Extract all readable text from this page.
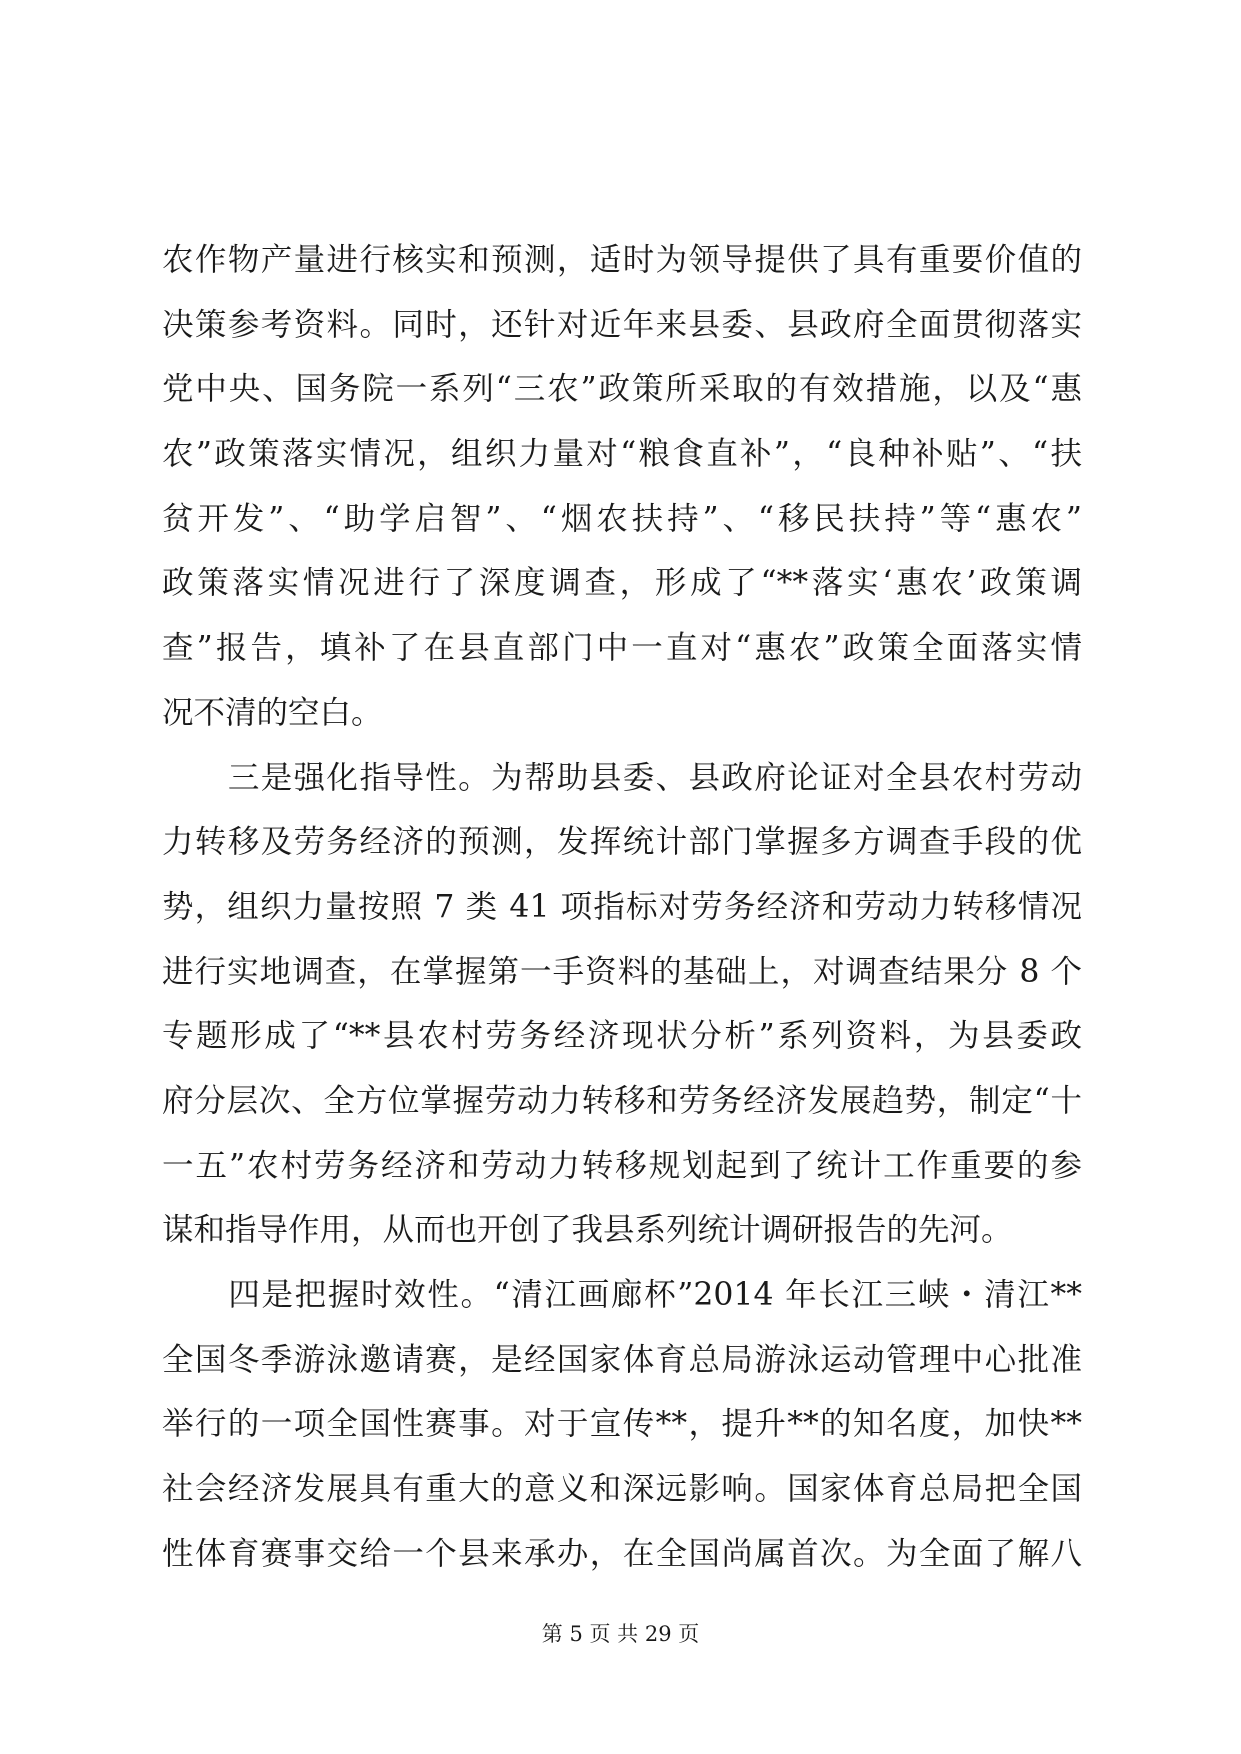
农作物产量进行核实和预测，适时为领导提供了具有重要价值的
决策参考资料。同时，还针对近年来县委、县政府全面贯彻落实
党中央、国务院一系列“三农”政策所采取的有效措施，以及“惠
农”政策落实情况，组织力量对“粮食直补”，“良种补贴”、“扶
贫开发”、“助学启智”、“烟农扶持”、“移民扶持”等“惠农”
政策落实情况进行了深度调查，形成了“**落实‘惠农’政策调
查”报告，填补了在县直部门中一直对“惠农”政策全面落实情
况不清的空白。
　　三是强化指导性。为帮助县委、县政府论证对全县农村劳动
力转移及劳务经济的预测，发挥统计部门掌握多方调查手段的优
势，组织力量按照 7 类 41 项指标对劳务经济和劳动力转移情况
进行实地调查，在掌握第一手资料的基础上，对调查结果分 8 个
专题形成了“**县农村劳务经济现状分析”系列资料，为县委政
府分层次、全方位掌握劳动力转移和劳务经济发展趋势，制定“十
一五”农村劳务经济和劳动力转移规划起到了统计工作重要的参
谋和指导作用，从而也开创了我县系列统计调研报告的先河。
　　四是把握时效性。“清江画廊杯”2014 年长江三峡・清江**
全国冬季游泳邀请赛，是经国家体育总局游泳运动管理中心批准
举行的一项全国性赛事。对于宣传**，提升**的知名度，加快**
社会经济发展具有重大的意义和深远影响。国家体育总局把全国
性体育赛事交给一个县来承办，在全国尚属首次。为全面了解八
第 5 页 共 29 页
